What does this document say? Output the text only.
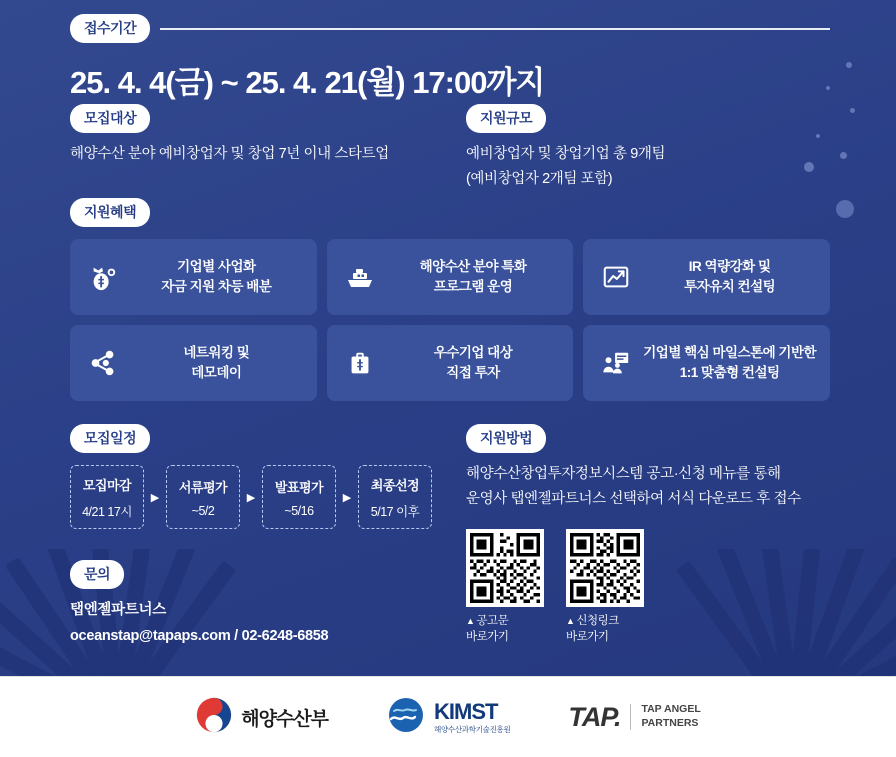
접수기간
25. 4. 4(금) ~ 25. 4. 21(월) 17:00까지
모집대상
해양수산 분야 예비창업자 및 창업 7년 이내 스타트업
지원규모
예비창업자 및 창업기업 총 9개팀
(예비창업자 2개팀 포함)
지원혜택
기업별 사업화
자금 지원 차등 배분
해양수산 분야 특화
프로그램 운영
IR 역량강화 및
투자유치 컨설팅
네트워킹 및
데모데이
우수기업 대상
직접 투자
기업별 핵심 마일스톤에 기반한
1:1 맞춤형 컨설팅
모집일정
모집마감
4/21 17시
▶
서류평가
~5/2
▶
발표평가
~5/16
▶
최종선정
5/17 이후
지원방법
해양수산창업투자정보시스템 공고·신청 메뉴를 통해
운영사 탭엔젤파트너스 선택하여 서식 다운로드 후 접수
▲ 공고문
바로가기
▲ 신청링크
바로가기
문의
탭엔젤파트너스
oceanstap@tapaps.com / 02-6248-6858
해양수산부	KIMST
해양수산과학기술진흥원 TAP. TAP ANGEL
PARTNERS
